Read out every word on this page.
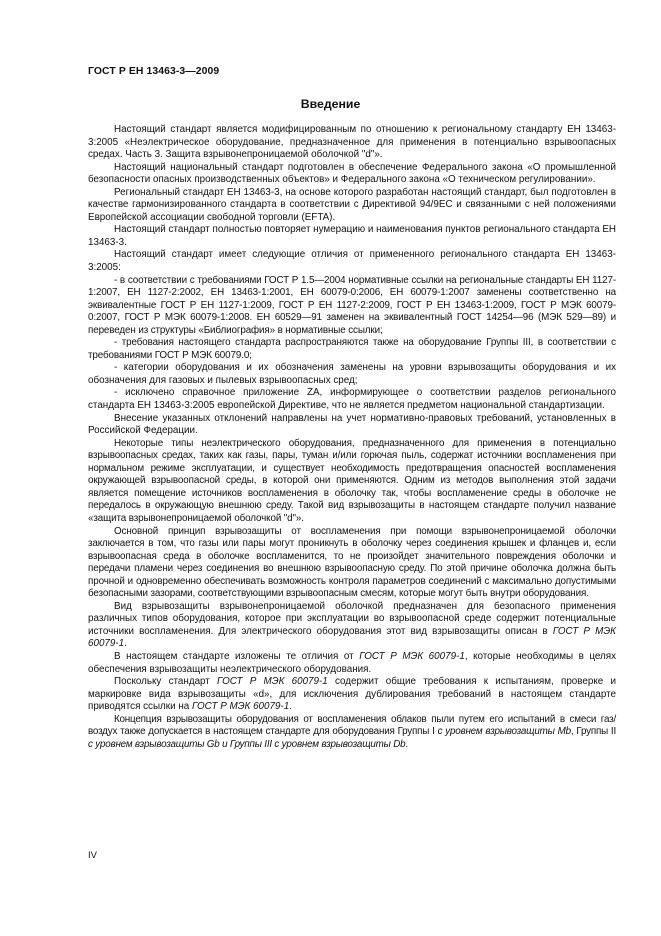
ГОСТ Р ЕН 13463-3—2009
Введение

Настоящий стандарт является модифицированным по отношению к региональному стандарту ЕН 13463-3:2005 «Неэлектрическое оборудование, предназначенное для применения в потенциально взрывоопасных средах. Часть 3. Защита взрывонепроницаемой оболочкой "d"».

Настоящий национальный стандарт подготовлен в обеспечение Федерального закона «О промышленной безопасности опасных производственных объектов» и Федерального закона «О техническом регулировании».

Региональный стандарт ЕН 13463-3, на основе которого разработан настоящий стандарт, был подготовлен в качестве гармонизированного стандарта в соответствии с Директивой 94/9ЕС и связанными с ней положениями Европейской ассоциации свободной торговли (EFTA).

Настоящий стандарт полностью повторяет нумерацию и наименования пунктов регионального стандарта ЕН 13463-3.

Настоящий стандарт имеет следующие отличия от примененного регионального стандарта ЕН 13463-3:2005:

- в соответствии с требованиями ГОСТ Р 1.5—2004 нормативные ссылки на региональные стандарты ЕН 1127-1:2007, ЕН 1127-2:2002, ЕН 13463-1:2001, ЕН 60079-0:2006, ЕН 60079-1:2007 заменены соответственно на эквивалентные ГОСТ Р ЕН 1127-1:2009, ГОСТ Р ЕН 1127-2:2009, ГОСТ Р ЕН 13463-1:2009, ГОСТ Р МЭК 60079-0:2007, ГОСТ Р МЭК 60079-1:2008. ЕН 60529—91 заменен на эквивалентный ГОСТ 14254—96 (МЭК 529—89) и переведен из структуры «Библиография» в нормативные ссылки;

- требования настоящего стандарта распространяются также на оборудование Группы III, в соответствии с требованиями ГОСТ Р МЭК 60079.0;

- категории оборудования и их обозначения заменены на уровни взрывозащиты оборудования и их обозначения для газовых и пылевых взрывоопасных сред;

- исключено справочное приложение ZA, информирующее о соответствии разделов регионального стандарта ЕН 13463-3:2005 европейской Директиве, что не является предметом национальной стандартизации.

Внесение указанных отклонений направлены на учет нормативно-правовых требований, установленных в Российской Федерации.

Некоторые типы неэлектрического оборудования, предназначенного для применения в потенциально взрывоопасных средах, таких как газы, пары, туман и/или горючая пыль, содержат источники воспламенения при нормальном режиме эксплуатации, и существует необходимость предотвращения опасностей воспламенения окружающей взрывоопасной среды, в которой они применяются. Одним из методов выполнения этой задачи является помещение источников воспламенения в оболочку так, чтобы воспламенение среды в оболочке не передалось в окружающую внешнюю среду. Такой вид взрывозащиты в настоящем стандарте получил название «защита взрывонепроницаемой оболочкой "d"».

Основной принцип взрывозащиты от воспламенения при помощи взрывонепроницаемой оболочки заключается в том, что газы или пары могут проникнуть в оболочку через соединения крышек и фланцев и, если взрывоопасная среда в оболочке воспламенится, то не произойдет значительного повреждения оболочки и передачи пламени через соединения во внешнюю взрывоопасную среду. По этой причине оболочка должна быть прочной и одновременно обеспечивать возможность контроля параметров соединений с максимально допустимыми безопасными зазорами, соответствующими взрывоопасным смесям, которые могут быть внутри оборудования.

Вид взрывозащиты взрывонепроницаемой оболочкой предназначен для безопасного применения различных типов оборудования, которое при эксплуатации во взрывоопасной среде содержит потенциальные источники воспламенения. Для электрического оборудования этот вид взрывозащиты описан в ГОСТ Р МЭК 60079-1.

В настоящем стандарте изложены те отличия от ГОСТ Р МЭК 60079-1, которые необходимы в целях обеспечения взрывозащиты неэлектрического оборудования.

Поскольку стандарт ГОСТ Р МЭК 60079-1 содержит общие требования к испытаниям, проверке и маркировке вида взрывозащиты «d», для исключения дублирования требований в настоящем стандарте приводятся ссылки на ГОСТ Р МЭК 60079-1.

Концепция взрывозащиты оборудования от воспламенения облаков пыли путем его испытаний в смеси газ/воздух также допускается в настоящем стандарте для оборудования Группы I с уровнем взрывозащиты Mb, Группы II с уровнем взрывозащиты Gb и Группы III с уровнем взрывозащиты Db.

IV
